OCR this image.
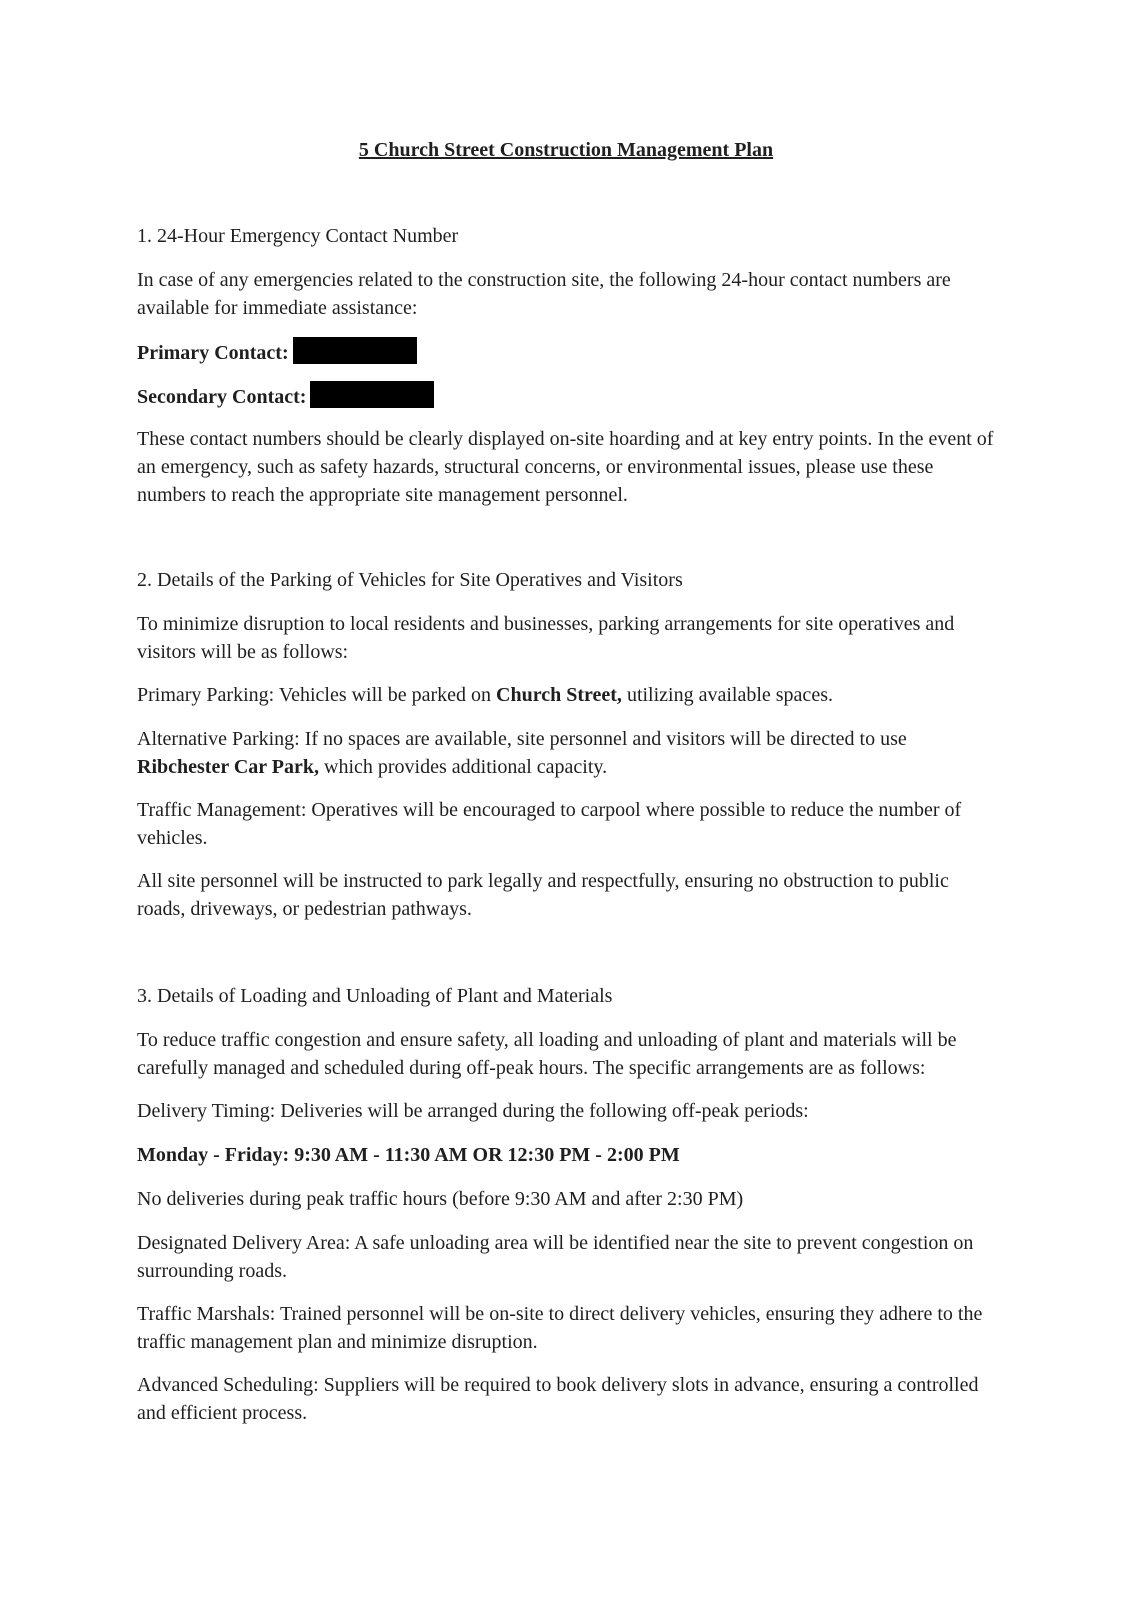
5 Church Street Construction Management Plan

1. 24-Hour Emergency Contact Number

In case of any emergencies related to the construction site, the following 24-hour contact numbers are available for immediate assistance:

Primary Contact:

Secondary Contact:

These contact numbers should be clearly displayed on-site hoarding and at key entry points. In the event of an emergency, such as safety hazards, structural concerns, or environmental issues, please use these numbers to reach the appropriate site management personnel.

2. Details of the Parking of Vehicles for Site Operatives and Visitors

To minimize disruption to local residents and businesses, parking arrangements for site operatives and visitors will be as follows:

Primary Parking: Vehicles will be parked on Church Street, utilizing available spaces.

Alternative Parking: If no spaces are available, site personnel and visitors will be directed to use Ribchester Car Park, which provides additional capacity.

Traffic Management: Operatives will be encouraged to carpool where possible to reduce the number of vehicles.

All site personnel will be instructed to park legally and respectfully, ensuring no obstruction to public roads, driveways, or pedestrian pathways.

3. Details of Loading and Unloading of Plant and Materials

To reduce traffic congestion and ensure safety, all loading and unloading of plant and materials will be carefully managed and scheduled during off-peak hours. The specific arrangements are as follows:

Delivery Timing: Deliveries will be arranged during the following off-peak periods:

Monday - Friday: 9:30 AM - 11:30 AM OR 12:30 PM - 2:00 PM

No deliveries during peak traffic hours (before 9:30 AM and after 2:30 PM)

Designated Delivery Area: A safe unloading area will be identified near the site to prevent congestion on surrounding roads.

Traffic Marshals: Trained personnel will be on-site to direct delivery vehicles, ensuring they adhere to the traffic management plan and minimize disruption.

Advanced Scheduling: Suppliers will be required to book delivery slots in advance, ensuring a controlled and efficient process.
